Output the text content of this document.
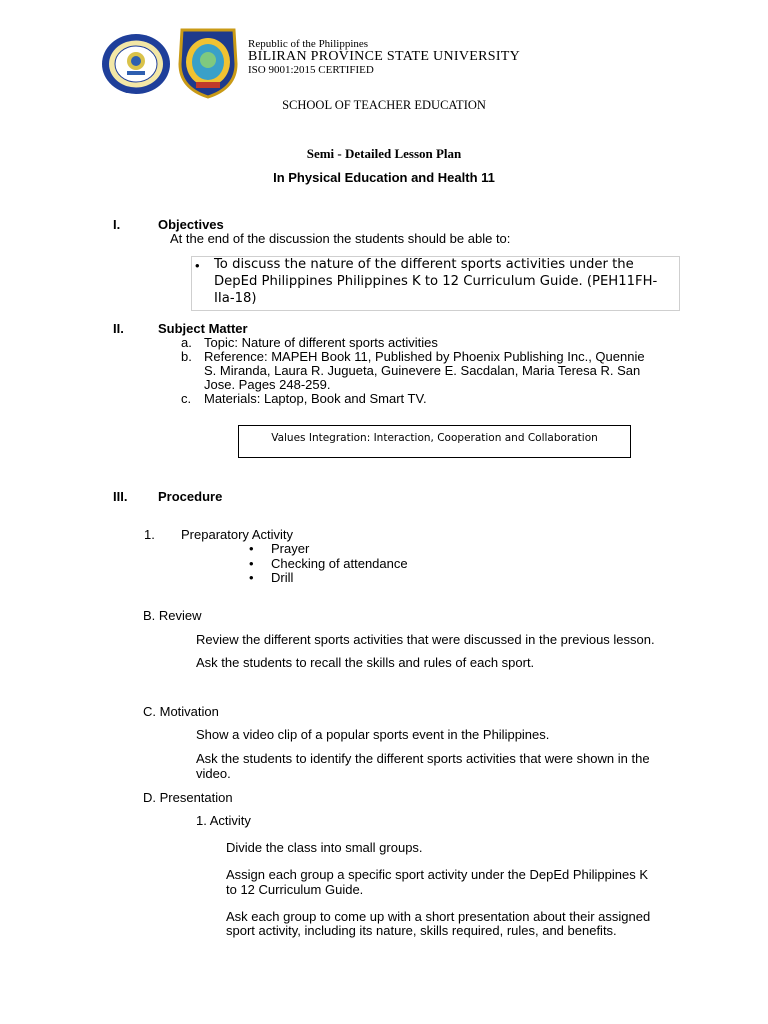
Republic of the Philippines
BILIRAN PROVINCE STATE UNIVERSITY
ISO 9001:2015 CERTIFIED
SCHOOL OF TEACHER EDUCATION
Semi - Detailed Lesson Plan
In Physical Education and Health 11
I.	Objectives
At the end of the discussion the students should be able to:
• To discuss the nature of the different sports activities under the
DepEd Philippines Philippines K to 12 Curriculum Guide. (PEH11FH-
IIa-18)
II.	Subject Matter
a. Topic: Nature of different sports activities
b. Reference: MAPEH Book 11, Published by Phoenix Publishing Inc., Quennie
S. Miranda, Laura R. Jugueta, Guinevere E. Sacdalan, Maria Teresa R. San
Jose. Pages 248-259.
c. Materials: Laptop, Book and Smart TV.
Values Integration: Interaction, Cooperation and Collaboration
III. Procedure
1. Preparatory Activity
• Prayer
• Checking of attendance
• Drill
B. Review
Review the different sports activities that were discussed in the previous lesson.
Ask the students to recall the skills and rules of each sport.
C. Motivation
Show a video clip of a popular sports event in the Philippines.
Ask the students to identify the different sports activities that were shown in the
video.
D. Presentation
1. Activity
Divide the class into small groups.
Assign each group a specific sport activity under the DepEd Philippines K
to 12 Curriculum Guide.
Ask each group to come up with a short presentation about their assigned
sport activity, including its nature, skills required, rules, and benefits.
